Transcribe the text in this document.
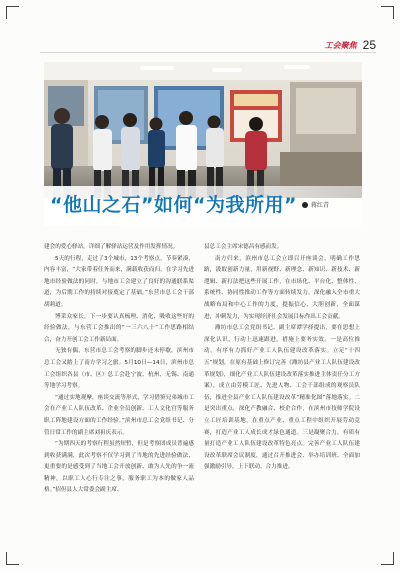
工会聚焦 25
“他山之石”如何“为我所用” 蒋红青

建会的爱心驿站，详细了解驿站运营及作用发挥情况。

5天的行程，走过了3个城市，13个考察点，节奏紧凑，内容丰富，“大家带着任务而来，满载收获而归，在学习先进地市经验做法的同时，与地市工会建立了良好的沟通联系渠道，为后期工作的持续对接奠定了基础。”东营市总工会干部胡莉道。

博采众家长，下一步要认真梳理、消化、吸收这些好的经验做法，与东营工会推出的“一三六八十”工作思路相结合，奋力开创工会工作新局面。

无独有偶，东营市总工会考察的脚步还未停歇，滨州市总工会又踏上了南方学习之旅。5月10日—14日，滨州市总工会组织各县（市、区）总工会赴宁波、杭州、无锡、南通等地学习考察。

“通过实地观摩，座谈交流等形式，学习借鉴兄弟城市工会在产业工人队伍改革、企业全员创新、工人文化宫等服务职工阵地建设方面的工作经验。”滨州市总工会党组书记、分管日常工作的副主席刘祖庆表示。

“为期四天的考察行程虽然短暂，但是考察团成员普遍感到收获满满，此次考察不仅学习到了当地的先进经验做法，更重要的是感受到了当地工会开放创新、敢为人先的争一流精神，以职工人心行专注之事，服务职工为本的做家人品格。”招但县人大常委会副主席、

县总工会主席宋德昌有感而发。

南方归来，滨州市总工会立即召开座谈会，明确工作思路，汲取创新力量，用新视野、新理念、新知识、新技术、新逻辑、新打法把这些开展工作，在市场化、平台化、整体性、系统性、协同性推动工作等方面转续发力，深化融入全市重大战略布局和中心工作的力度，提振信心、大胆创新，全面谋进，冲刺发力，为实现经济社会发展目标作出工会贡献。

潍坊市总工会党组书记、副主席谭学择提出，要在思想上深化认识，行动上迅速跟进，措施上要务实效。一是高位推动，有序有力抓好产业工人队伍建设改革落实。立足“十四五”规划，在原有基础上修订完善《潍坊县产业工人队伍建设改革规划》，细化产业工人队伍建设改革落实推进主体责任分工方案），成立由劳模工匠、先进人物、工会干部组成的观察员队伍，推进全县产业工人队伍建设改革“精准化图”落地落实。二是突出重点，深化产教融合、校企合作，在滨州市技师学院设立工匠培训基地，在重点产业、重点工程中组织开展劳动竞赛，打造产业工人成长成才绿色通道。三是凝聚合力，有质有量打造产业工人队伍建设改革特色亮点。完善产业工人队伍建设改革联席会议制度，通过召开推进会、举办培训班、全面加强激励引导，上下联动、合力推进。
